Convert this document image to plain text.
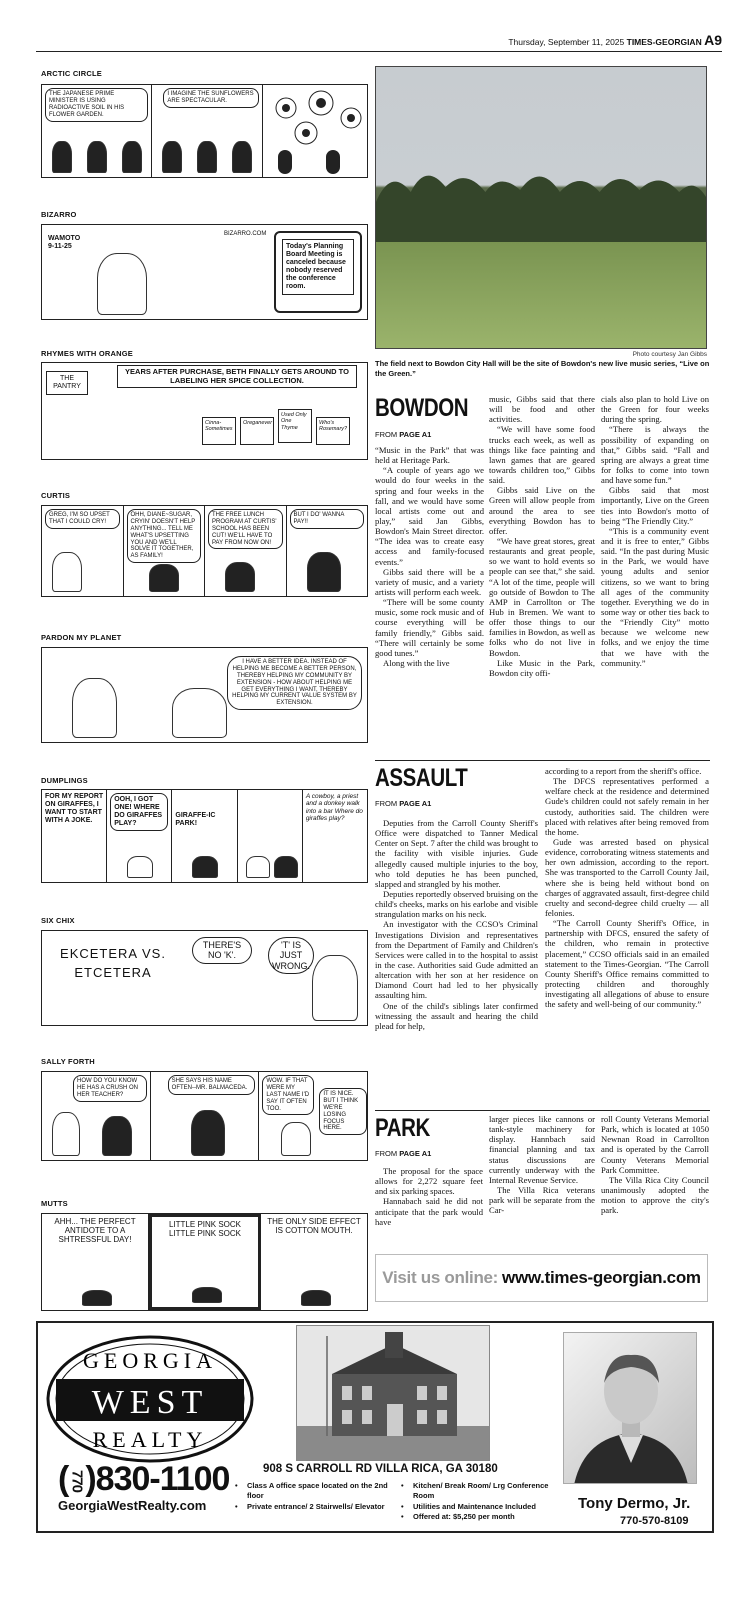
Thursday, September 11, 2025 TIMES-GEORGIAN A9
ARCTIC CIRCLE
THE JAPANESE PRIME MINISTER IS USING RADIOACTIVE SOIL IN HIS FLOWER GARDEN.
I IMAGINE THE SUNFLOWERS ARE SPECTACULAR.
BIZARRO
WAMOTO 9-11-25
BIZARRO.COM
Today's Planning Board Meeting is canceled because nobody reserved the conference room.
RHYMES WITH ORANGE
THE PANTRY
YEARS AFTER PURCHASE, BETH FINALLY GETS AROUND TO LABELING HER SPICE COLLECTION.
Cinna-Sometimes
Oreganever
Used Only One Thyme
Who's Rosemary?
CURTIS
GREG, I'M SO UPSET THAT I COULD CRY!
OHH, DIANE~SUGAR, CRYIN' DOESN'T HELP ANYTHING... TELL ME WHAT'S UPSETTING YOU AND WE'LL SOLVE IT TOGETHER, AS FAMILY!
THE FREE LUNCH PROGRAM AT CURTIS' SCHOOL HAS BEEN CUT! WE'LL HAVE TO PAY FROM NOW ON!
BUT I DO' WANNA PAY!!
PARDON MY PLANET
I HAVE A BETTER IDEA. INSTEAD OF HELPING ME BECOME A BETTER PERSON, THEREBY HELPING MY COMMUNITY BY EXTENSION - HOW ABOUT HELPING ME GET EVERYTHING I WANT, THEREBY HELPING MY CURRENT VALUE SYSTEM BY EXTENSION.
DUMPLINGS
FOR MY REPORT ON GIRAFFES, I WANT TO START WITH A JOKE.
OOH, I GOT ONE! WHERE DO GIRAFFES PLAY?
GIRAFFE-IC PARK!
A cowboy, a priest and a donkey walk into a bar Where do giraffes play?
SIX CHIX
EKCETERA VS. ETCETERA
THERE'S NO 'K'.
'T' IS JUST WRONG.
SALLY FORTH
HOW DO YOU KNOW HE HAS A CRUSH ON HER TEACHER?
SHE SAYS HIS NAME OFTEN--MR. BALMACEDA.
WOW. IF THAT WERE MY LAST NAME I'D SAY IT OFTEN TOO.
IT IS NICE. BUT I THINK WE'RE LOSING FOCUS HERE.
MUTTS
AHH... THE PERFECT ANTIDOTE TO A SHTRESSFUL DAY!
LITTLE PINK SOCK LITTLE PINK SOCK
THE ONLY SIDE EFFECT IS COTTON MOUTH.
Photo courtesy Jan Gibbs
The field next to Bowdon City Hall will be the site of Bowdon's new live music series, “Live on the Green.”
BOWDON
FROM PAGE A1

“Music in the Park” that was held at Heritage Park.

“A couple of years ago we would do four weeks in the spring and four weeks in the fall, and we would have some local artists come out and play,” said Jan Gibbs, Bowdon's Main Street director. “The idea was to create easy access and family-focused events.”

Gibbs said there will be a variety of music, and a variety artists will perform each week.

“There will be some county music, some rock music and of course everything will be family friendly,” Gibbs said. “There will certainly be some good tunes.”

Along with the live

music, Gibbs said that there will be food and other activities.

“We will have some food trucks each week, as well as things like face painting and lawn games that are geared towards children too,” Gibbs said.

Gibbs said Live on the Green will allow people from around the area to see everything Bowdon has to offer.

“We have great stores, great restaurants and great people, so we want to hold events so people can see that,” she said. “A lot of the time, people will go outside of Bowdon to The AMP in Carrollton or The Hub in Bremen. We want to offer those things to our families in Bowdon, as well as folks who do not live in Bowdon.

Like Music in the Park, Bowdon city offi-

cials also plan to hold Live on the Green for four weeks during the spring.

“There is always the possibility of expanding on that,” Gibbs said. “Fall and spring are always a great time for folks to come into town and have some fun.”

Gibbs said that most importantly, Live on the Green ties into Bowdon's motto of being “The Friendly City.”

“This is a community event and it is free to enter,” Gibbs said. “In the past during Music in the Park, we would have young adults and senior citizens, so we want to bring all ages of the community together. Everything we do in some way or other ties back to the “Friendly City” motto because we welcome new folks, and we enjoy the time that we have with the community.”

ASSAULT
FROM PAGE A1

Deputies from the Carroll County Sheriff's Office were dispatched to Tanner Medical Center on Sept. 7 after the child was brought to the facility with visible injuries. Gude allegedly caused multiple injuries to the boy, who told deputies he has been punched, slapped and strangled by his mother.

Deputies reportedly observed bruising on the child's cheeks, marks on his earlobe and visible strangulation marks on his neck.

An investigator with the CCSO's Criminal Investigations Division and representatives from the Department of Family and Children's Services were called in to the hospital to assist in the case. Authorities said Gude admitted an altercation with her son at her residence on Diamond Court had led to her physically assaulting him.

One of the child's siblings later confirmed witnessing the assault and hearing the child plead for help,

according to a report from the sheriff's office.

The DFCS representatives performed a welfare check at the residence and determined Gude's children could not safely remain in her custody, authorities said. The children were placed with relatives after being removed from the home.

Gude was arrested based on physical evidence, corroborating witness statements and her own admission, according to the report. She was transported to the Carroll County Jail, where she is being held without bond on charges of aggravated assault, first-degree child cruelty and second-degree child cruelty — all felonies.

“The Carroll County Sheriff's Office, in partnership with DFCS, ensured the safety of the children, who remain in protective placement,” CCSO officials said in an emailed statement to the Times-Georgian. “The Carroll County Sheriff's Office remains committed to protecting children and thoroughly investigating all allegations of abuse to ensure the safety and well-being of our community.”

PARK
FROM PAGE A1

The proposal for the space allows for 2,272 square feet and six parking spaces.

Hannabach said he did not anticipate that the park would have

larger pieces like cannons or tank-style machinery for display. Hannbach said financial planning and tax status discussions are currently underway with the Internal Revenue Service.

The Villa Rica veterans park will be separate from the Car-

roll County Veterans Memorial Park, which is located at 1050 Newnan Road in Carrollton and is operated by the Carroll County Veterans Memorial Park Committee.

The Villa Rica City Council unanimously adopted the motion to approve the city's park.

Visit us online: www.times-georgian.com
GEORGIA
WEST
REALTY
(770)830-1100
GeorgiaWestRealty.com
908 S CARROLL RD VILLA RICA, GA 30180
• Class A office space located on the 2nd floor
• Private entrance/ 2 Stairwells/ Elevator
• Kitchen/ Break Room/ Lrg Conference Room
• Utilities and Maintenance Included
• Offered at: $5,250 per month
Tony Dermo, Jr.
770-570-8109
